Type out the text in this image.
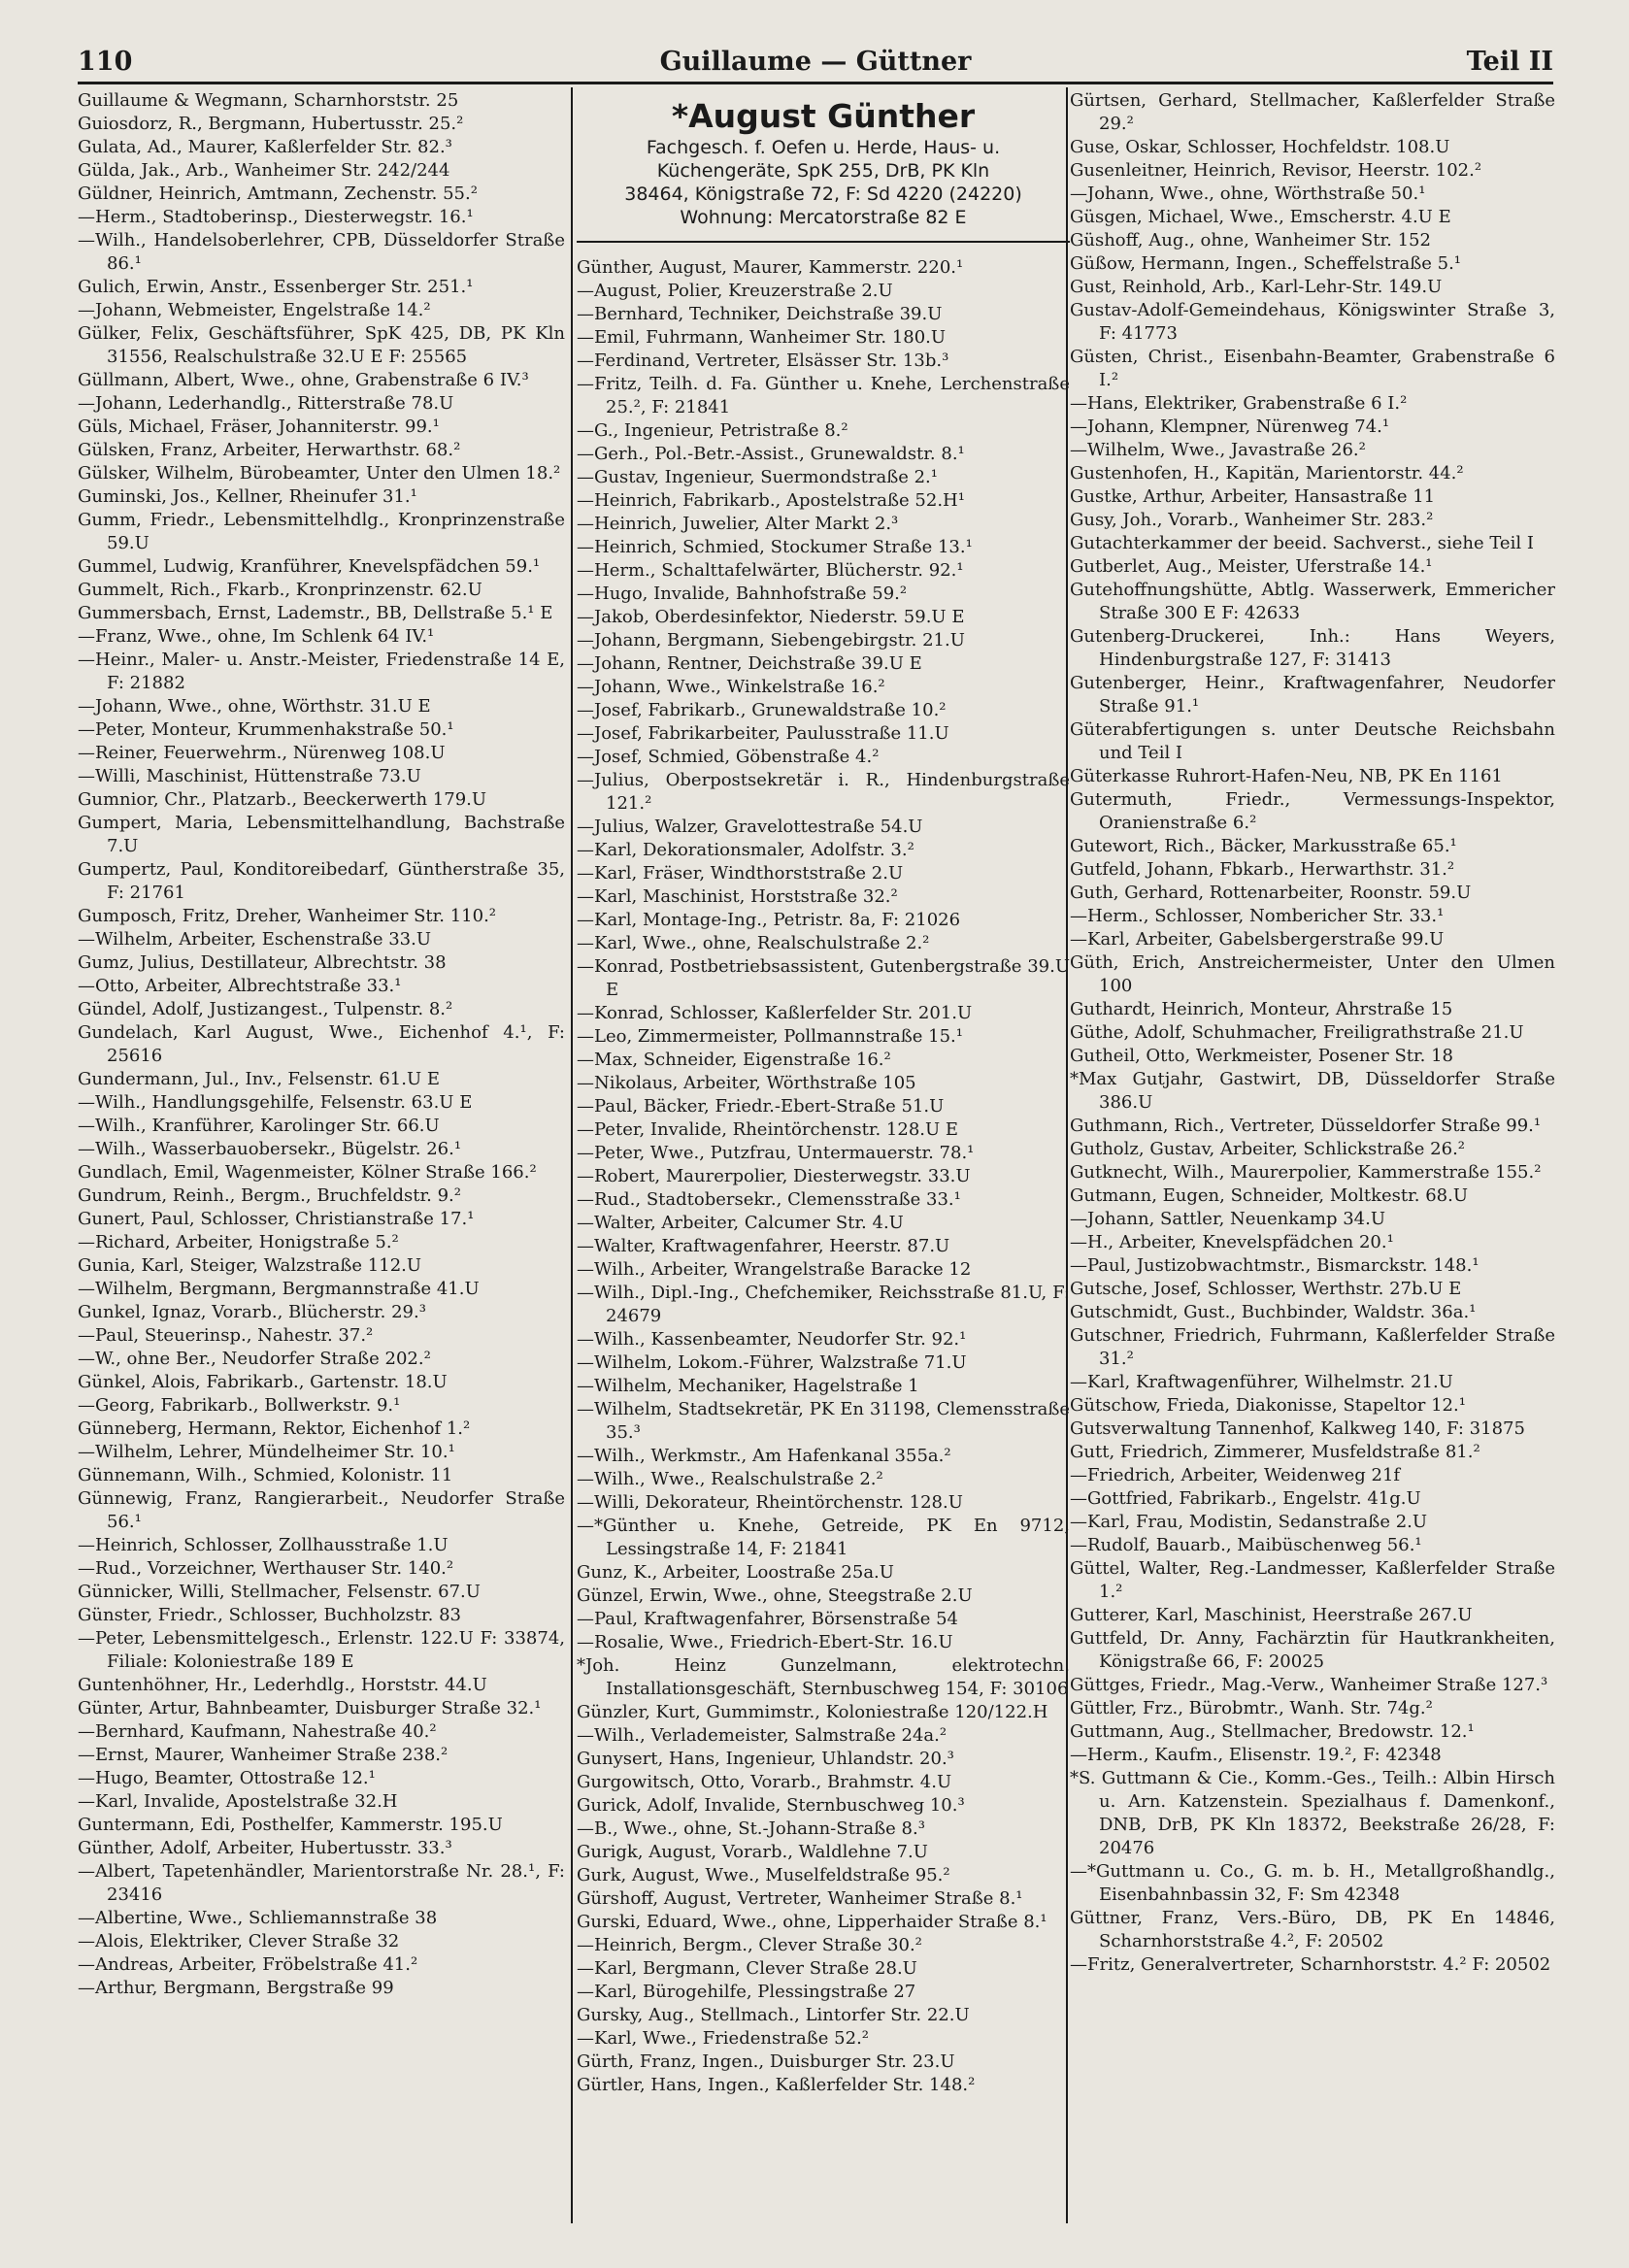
110	Guillaume — Güttner	Teil II

Guillaume & Wegmann, Scharnhorststr. 25

Guiosdorz, R., Bergmann, Hubertusstr. 25.²

Gulata, Ad., Maurer, Kaßlerfelder Str. 82.³

Gülda, Jak., Arb., Wanheimer Str. 242/244

Güldner, Heinrich, Amtmann, Zechenstr. 55.²

—Herm., Stadtoberinsp., Diesterwegstr. 16.¹

—Wilh., Handelsoberlehrer, CPB, Düsseldorfer Straße 86.¹

Gulich, Erwin, Anstr., Essenberger Str. 251.¹

—Johann, Webmeister, Engelstraße 14.²

Gülker, Felix, Geschäftsführer, SpK 425, DB, PK Kln 31556, Realschulstraße 32.U E F: 25565

Güllmann, Albert, Wwe., ohne, Grabenstraße 6 IV.³

—Johann, Lederhandlg., Ritterstraße 78.U

Güls, Michael, Fräser, Johanniterstr. 99.¹

Gülsken, Franz, Arbeiter, Herwarthstr. 68.²

Gülsker, Wilhelm, Bürobeamter, Unter den Ulmen 18.²

Guminski, Jos., Kellner, Rheinufer 31.¹

Gumm, Friedr., Lebensmittelhdlg., Kronprinzenstraße 59.U

Gummel, Ludwig, Kranführer, Knevelspfädchen 59.¹

Gummelt, Rich., Fkarb., Kronprinzenstr. 62.U

Gummersbach, Ernst, Lademstr., BB, Dellstraße 5.¹ E

—Franz, Wwe., ohne, Im Schlenk 64 IV.¹

—Heinr., Maler- u. Anstr.-Meister, Friedenstraße 14 E, F: 21882

—Johann, Wwe., ohne, Wörthstr. 31.U E

—Peter, Monteur, Krummenhakstraße 50.¹

—Reiner, Feuerwehrm., Nürenweg 108.U

—Willi, Maschinist, Hüttenstraße 73.U

Gumnior, Chr., Platzarb., Beeckerwerth 179.U

Gumpert, Maria, Lebensmittelhandlung, Bachstraße 7.U

Gumpertz, Paul, Konditoreibedarf, Güntherstraße 35, F: 21761

Gumposch, Fritz, Dreher, Wanheimer Str. 110.²

—Wilhelm, Arbeiter, Eschenstraße 33.U

Gumz, Julius, Destillateur, Albrechtstr. 38

—Otto, Arbeiter, Albrechtstraße 33.¹

Gündel, Adolf, Justizangest., Tulpenstr. 8.²

Gundelach, Karl August, Wwe., Eichenhof 4.¹, F: 25616

Gundermann, Jul., Inv., Felsenstr. 61.U E

—Wilh., Handlungsgehilfe, Felsenstr. 63.U E

—Wilh., Kranführer, Karolinger Str. 66.U

—Wilh., Wasserbauobersekr., Bügelstr. 26.¹

Gundlach, Emil, Wagenmeister, Kölner Straße 166.²

Gundrum, Reinh., Bergm., Bruchfeldstr. 9.²

Gunert, Paul, Schlosser, Christianstraße 17.¹

—Richard, Arbeiter, Honigstraße 5.²

Gunia, Karl, Steiger, Walzstraße 112.U

—Wilhelm, Bergmann, Bergmannstraße 41.U

Gunkel, Ignaz, Vorarb., Blücherstr. 29.³

—Paul, Steuerinsp., Nahestr. 37.²

—W., ohne Ber., Neudorfer Straße 202.²

Günkel, Alois, Fabrikarb., Gartenstr. 18.U

—Georg, Fabrikarb., Bollwerkstr. 9.¹

Günneberg, Hermann, Rektor, Eichenhof 1.²

—Wilhelm, Lehrer, Mündelheimer Str. 10.¹

Günnemann, Wilh., Schmied, Kolonistr. 11

Günnewig, Franz, Rangierarbeit., Neudorfer Straße 56.¹

—Heinrich, Schlosser, Zollhausstraße 1.U

—Rud., Vorzeichner, Werthauser Str. 140.²

Günnicker, Willi, Stellmacher, Felsenstr. 67.U

Günster, Friedr., Schlosser, Buchholzstr. 83

—Peter, Lebensmittelgesch., Erlenstr. 122.U F: 33874, Filiale: Koloniestraße 189 E

Guntenhöhner, Hr., Lederhdlg., Horststr. 44.U

Günter, Artur, Bahnbeamter, Duisburger Straße 32.¹

—Bernhard, Kaufmann, Nahestraße 40.²

—Ernst, Maurer, Wanheimer Straße 238.²

—Hugo, Beamter, Ottostraße 12.¹

—Karl, Invalide, Apostelstraße 32.H

Guntermann, Edi, Posthelfer, Kammerstr. 195.U

Günther, Adolf, Arbeiter, Hubertusstr. 33.³

—Albert, Tapetenhändler, Marientorstraße Nr. 28.¹, F: 23416

—Albertine, Wwe., Schliemannstraße 38

—Alois, Elektriker, Clever Straße 32

—Andreas, Arbeiter, Fröbelstraße 41.²

—Arthur, Bergmann, Bergstraße 99

*August Günther
Fachgesch. f. Oefen u. Herde, Haus- u.
Küchengeräte, SpK 255, DrB, PK Kln
38464, Königstraße 72, F: Sd 4220 (24220)
Wohnung: Mercatorstraße 82 E

Günther, August, Maurer, Kammerstr. 220.¹

—August, Polier, Kreuzerstraße 2.U

—Bernhard, Techniker, Deichstraße 39.U

—Emil, Fuhrmann, Wanheimer Str. 180.U

—Ferdinand, Vertreter, Elsässer Str. 13b.³

—Fritz, Teilh. d. Fa. Günther u. Knehe, Lerchenstraße 25.², F: 21841

—G., Ingenieur, Petristraße 8.²

—Gerh., Pol.-Betr.-Assist., Grunewaldstr. 8.¹

—Gustav, Ingenieur, Suermondstraße 2.¹

—Heinrich, Fabrikarb., Apostelstraße 52.H¹

—Heinrich, Juwelier, Alter Markt 2.³

—Heinrich, Schmied, Stockumer Straße 13.¹

—Herm., Schalttafelwärter, Blücherstr. 92.¹

—Hugo, Invalide, Bahnhofstraße 59.²

—Jakob, Oberdesinfektor, Niederstr. 59.U E

—Johann, Bergmann, Siebengebirgstr. 21.U

—Johann, Rentner, Deichstraße 39.U E

—Johann, Wwe., Winkelstraße 16.²

—Josef, Fabrikarb., Grunewaldstraße 10.²

—Josef, Fabrikarbeiter, Paulusstraße 11.U

—Josef, Schmied, Göbenstraße 4.²

—Julius, Oberpostsekretär i. R., Hindenburgstraße 121.²

—Julius, Walzer, Gravelottestraße 54.U

—Karl, Dekorationsmaler, Adolfstr. 3.²

—Karl, Fräser, Windthorststraße 2.U

—Karl, Maschinist, Horststraße 32.²

—Karl, Montage-Ing., Petristr. 8a, F: 21026

—Karl, Wwe., ohne, Realschulstraße 2.²

—Konrad, Postbetriebsassistent, Gutenbergstraße 39.U E

—Konrad, Schlosser, Kaßlerfelder Str. 201.U

—Leo, Zimmermeister, Pollmannstraße 15.¹

—Max, Schneider, Eigenstraße 16.²

—Nikolaus, Arbeiter, Wörthstraße 105

—Paul, Bäcker, Friedr.-Ebert-Straße 51.U

—Peter, Invalide, Rheintörchenstr. 128.U E

—Peter, Wwe., Putzfrau, Untermauerstr. 78.¹

—Robert, Maurerpolier, Diesterwegstr. 33.U

—Rud., Stadtobersekr., Clemensstraße 33.¹

—Walter, Arbeiter, Calcumer Str. 4.U

—Walter, Kraftwagenfahrer, Heerstr. 87.U

—Wilh., Arbeiter, Wrangelstraße Baracke 12

—Wilh., Dipl.-Ing., Chefchemiker, Reichsstraße 81.U, F: 24679

—Wilh., Kassenbeamter, Neudorfer Str. 92.¹

—Wilhelm, Lokom.-Führer, Walzstraße 71.U

—Wilhelm, Mechaniker, Hagelstraße 1

—Wilhelm, Stadtsekretär, PK En 31198, Clemensstraße 35.³

—Wilh., Werkmstr., Am Hafenkanal 355a.²

—Wilh., Wwe., Realschulstraße 2.²

—Willi, Dekorateur, Rheintörchenstr. 128.U

—*Günther u. Knehe, Getreide, PK En 9712, Lessingstraße 14, F: 21841

Gunz, K., Arbeiter, Loostraße 25a.U

Günzel, Erwin, Wwe., ohne, Steegstraße 2.U

—Paul, Kraftwagenfahrer, Börsenstraße 54

—Rosalie, Wwe., Friedrich-Ebert-Str. 16.U

*Joh. Heinz Gunzelmann, elektrotechn. Installationsgeschäft, Sternbuschweg 154, F: 30106

Günzler, Kurt, Gummimstr., Koloniestraße 120/122.H

—Wilh., Verlademeister, Salmstraße 24a.²

Gunysert, Hans, Ingenieur, Uhlandstr. 20.³

Gurgowitsch, Otto, Vorarb., Brahmstr. 4.U

Gurick, Adolf, Invalide, Sternbuschweg 10.³

—B., Wwe., ohne, St.-Johann-Straße 8.³

Gurigk, August, Vorarb., Waldlehne 7.U

Gurk, August, Wwe., Muselfeldstraße 95.²

Gürshoff, August, Vertreter, Wanheimer Straße 8.¹

Gurski, Eduard, Wwe., ohne, Lipperhaider Straße 8.¹

—Heinrich, Bergm., Clever Straße 30.²

—Karl, Bergmann, Clever Straße 28.U

—Karl, Bürogehilfe, Plessingstraße 27

Gursky, Aug., Stellmach., Lintorfer Str. 22.U

—Karl, Wwe., Friedenstraße 52.²

Gürth, Franz, Ingen., Duisburger Str. 23.U

Gürtler, Hans, Ingen., Kaßlerfelder Str. 148.²

Gürtsen, Gerhard, Stellmacher, Kaßlerfelder Straße 29.²

Guse, Oskar, Schlosser, Hochfeldstr. 108.U

Gusenleitner, Heinrich, Revisor, Heerstr. 102.²

—Johann, Wwe., ohne, Wörthstraße 50.¹

Güsgen, Michael, Wwe., Emscherstr. 4.U E

Güshoff, Aug., ohne, Wanheimer Str. 152

Güßow, Hermann, Ingen., Scheffelstraße 5.¹

Gust, Reinhold, Arb., Karl-Lehr-Str. 149.U

Gustav-Adolf-Gemeindehaus, Königswinter Straße 3, F: 41773

Güsten, Christ., Eisenbahn-Beamter, Grabenstraße 6 I.²

—Hans, Elektriker, Grabenstraße 6 I.²

—Johann, Klempner, Nürenweg 74.¹

—Wilhelm, Wwe., Javastraße 26.²

Gustenhofen, H., Kapitän, Marientorstr. 44.²

Gustke, Arthur, Arbeiter, Hansastraße 11

Gusy, Joh., Vorarb., Wanheimer Str. 283.²

Gutachterkammer der beeid. Sachverst., siehe Teil I

Gutberlet, Aug., Meister, Uferstraße 14.¹

Gutehoffnungshütte, Abtlg. Wasserwerk, Emmericher Straße 300 E F: 42633

Gutenberg-Druckerei, Inh.: Hans Weyers, Hindenburgstraße 127, F: 31413

Gutenberger, Heinr., Kraftwagenfahrer, Neudorfer Straße 91.¹

Güterabfertigungen s. unter Deutsche Reichsbahn und Teil I

Güterkasse Ruhrort-Hafen-Neu, NB, PK En 1161

Gutermuth, Friedr., Vermessungs-Inspektor, Oranienstraße 6.²

Gutewort, Rich., Bäcker, Markusstraße 65.¹

Gutfeld, Johann, Fbkarb., Herwarthstr. 31.²

Guth, Gerhard, Rottenarbeiter, Roonstr. 59.U

—Herm., Schlosser, Nombericher Str. 33.¹

—Karl, Arbeiter, Gabelsbergerstraße 99.U

Güth, Erich, Anstreichermeister, Unter den Ulmen 100

Guthardt, Heinrich, Monteur, Ahrstraße 15

Güthe, Adolf, Schuhmacher, Freiligrathstraße 21.U

Gutheil, Otto, Werkmeister, Posener Str. 18

*Max Gutjahr, Gastwirt, DB, Düsseldorfer Straße 386.U

Guthmann, Rich., Vertreter, Düsseldorfer Straße 99.¹

Gutholz, Gustav, Arbeiter, Schlickstraße 26.²

Gutknecht, Wilh., Maurerpolier, Kammerstraße 155.²

Gutmann, Eugen, Schneider, Moltkestr. 68.U

—Johann, Sattler, Neuenkamp 34.U

—H., Arbeiter, Knevelspfädchen 20.¹

—Paul, Justizobwachtmstr., Bismarckstr. 148.¹

Gutsche, Josef, Schlosser, Werthstr. 27b.U E

Gutschmidt, Gust., Buchbinder, Waldstr. 36a.¹

Gutschner, Friedrich, Fuhrmann, Kaßlerfelder Straße 31.²

—Karl, Kraftwagenführer, Wilhelmstr. 21.U

Gütschow, Frieda, Diakonisse, Stapeltor 12.¹

Gutsverwaltung Tannenhof, Kalkweg 140, F: 31875

Gutt, Friedrich, Zimmerer, Musfeldstraße 81.²

—Friedrich, Arbeiter, Weidenweg 21f

—Gottfried, Fabrikarb., Engelstr. 41g.U

—Karl, Frau, Modistin, Sedanstraße 2.U

—Rudolf, Bauarb., Maibüschenweg 56.¹

Güttel, Walter, Reg.-Landmesser, Kaßlerfelder Straße 1.²

Gutterer, Karl, Maschinist, Heerstraße 267.U

Guttfeld, Dr. Anny, Fachärztin für Hautkrankheiten, Königstraße 66, F: 20025

Güttges, Friedr., Mag.-Verw., Wanheimer Straße 127.³

Güttler, Frz., Bürobmtr., Wanh. Str. 74g.²

Guttmann, Aug., Stellmacher, Bredowstr. 12.¹

—Herm., Kaufm., Elisenstr. 19.², F: 42348

*S. Guttmann & Cie., Komm.-Ges., Teilh.: Albin Hirsch u. Arn. Katzenstein. Spezialhaus f. Damenkonf., DNB, DrB, PK Kln 18372, Beekstraße 26/28, F: 20476

—*Guttmann u. Co., G. m. b. H., Metallgroßhandlg., Eisenbahnbassin 32, F: Sm 42348

Güttner, Franz, Vers.-Büro, DB, PK En 14846, Scharnhorststraße 4.², F: 20502

—Fritz, Generalvertreter, Scharnhorststr. 4.² F: 20502
